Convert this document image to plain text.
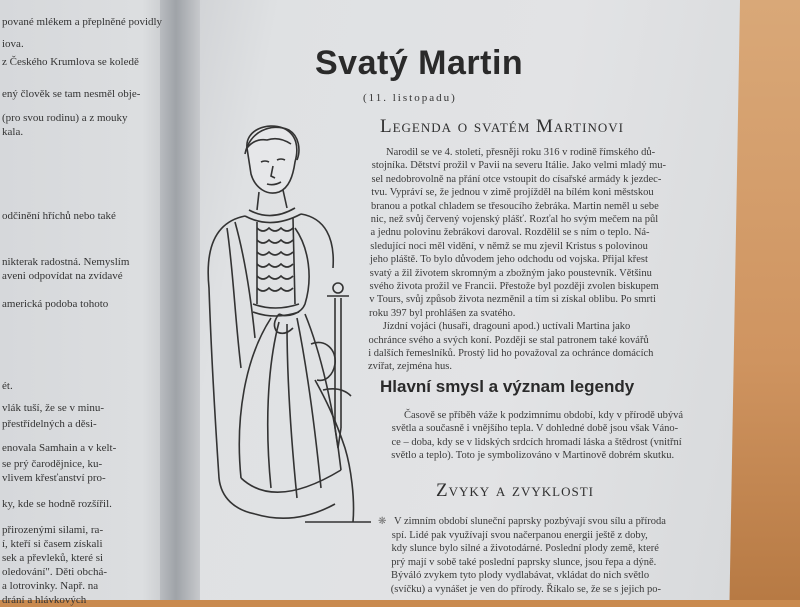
pované mlékem a přeplněné povidly
iova.
z Českého Krumlova se koledě
ený člověk se tam nesměl obje-
(pro svou rodinu) a z mouky
kala.
odčinění hříchů nebo také
nikterak radostná. Nemyslím
aveni odpovídat na zvídavé
americká podoba tohoto
ét.
vlák tuší, že se v minu-
přestřídelných a děsi-
enovala Samhain a v kelt-
se prý čarodějnice, ku-
vlivem křesťanství pro-
ky, kde se hodně rozšířil.
přirozenými silami, ra-
í, kteří si časem získali
sek a převleků, které si
oledování". Děti obchá-
a lotrovinky. Např. na
drání a hlávkových
Svatý Martin
(11. listopadu)
Legenda o svatém Martinovi
Narodil se ve 4. století, přesněji roku 316 v rodině římského dů-
stojníka. Dětství prožil v Pavii na severu Itálie. Jako velmi mladý mu-
sel nedobrovolně na přání otce vstoupit do císařské armády k jezdec-
tvu. Vypráví se, že jednou v zimě projížděl na bílém koni městskou
branou a potkal chladem se třesoucího žebráka. Martin neměl u sebe
nic, než svůj červený vojenský plášť. Rozťal ho svým mečem na půl
a jednu polovinu žebrákovi daroval. Rozdělil se s ním o teplo. Ná-
sledující noci měl vidění, v němž se mu zjevil Kristus s polovinou
jeho pláště. To bylo důvodem jeho odchodu od vojska. Přijal křest
svatý a žil životem skromným a zbožným jako poustevník. Většinu
svého života prožil ve Francii. Přestože byl později zvolen biskupem
v Tours, svůj způsob života nezměnil a tím si získal oblibu. Po smrti
roku 397 byl prohlášen za svatého.
Jízdní vojáci (husaři, dragouni apod.) uctívali Martina jako
ochránce svého a svých koní. Později se stal patronem také kovářů
i dalších řemeslníků. Prostý lid ho považoval za ochránce domácích
zvířat, zejména hus.
Hlavní smysl a význam legendy
Časově se příběh váže k podzimnímu období, kdy v přírodě ubývá
světla a současně i vnějšího tepla. V dohledné době jsou však Váno-
ce – doba, kdy se v lidských srdcích hromadí láska a štědrost (vnitřní
světlo a teplo). Toto je symbolizováno v Martinově dobrém skutku.
Zvyky a zvyklosti
❋ V zimním období sluneční paprsky pozbývají svou sílu a příroda
spí. Lidé pak využívají svou načerpanou energii ještě z doby,
kdy slunce bylo silné a životodárné. Poslední plody země, které
prý mají v sobě také poslední paprsky slunce, jsou řepa a dýně.
Býváló zvykem tyto plody vydlabávat, vkládat do nich světlo
(svíčku) a vynášet je ven do přírody. Říkalo se, že se s jejich po-
